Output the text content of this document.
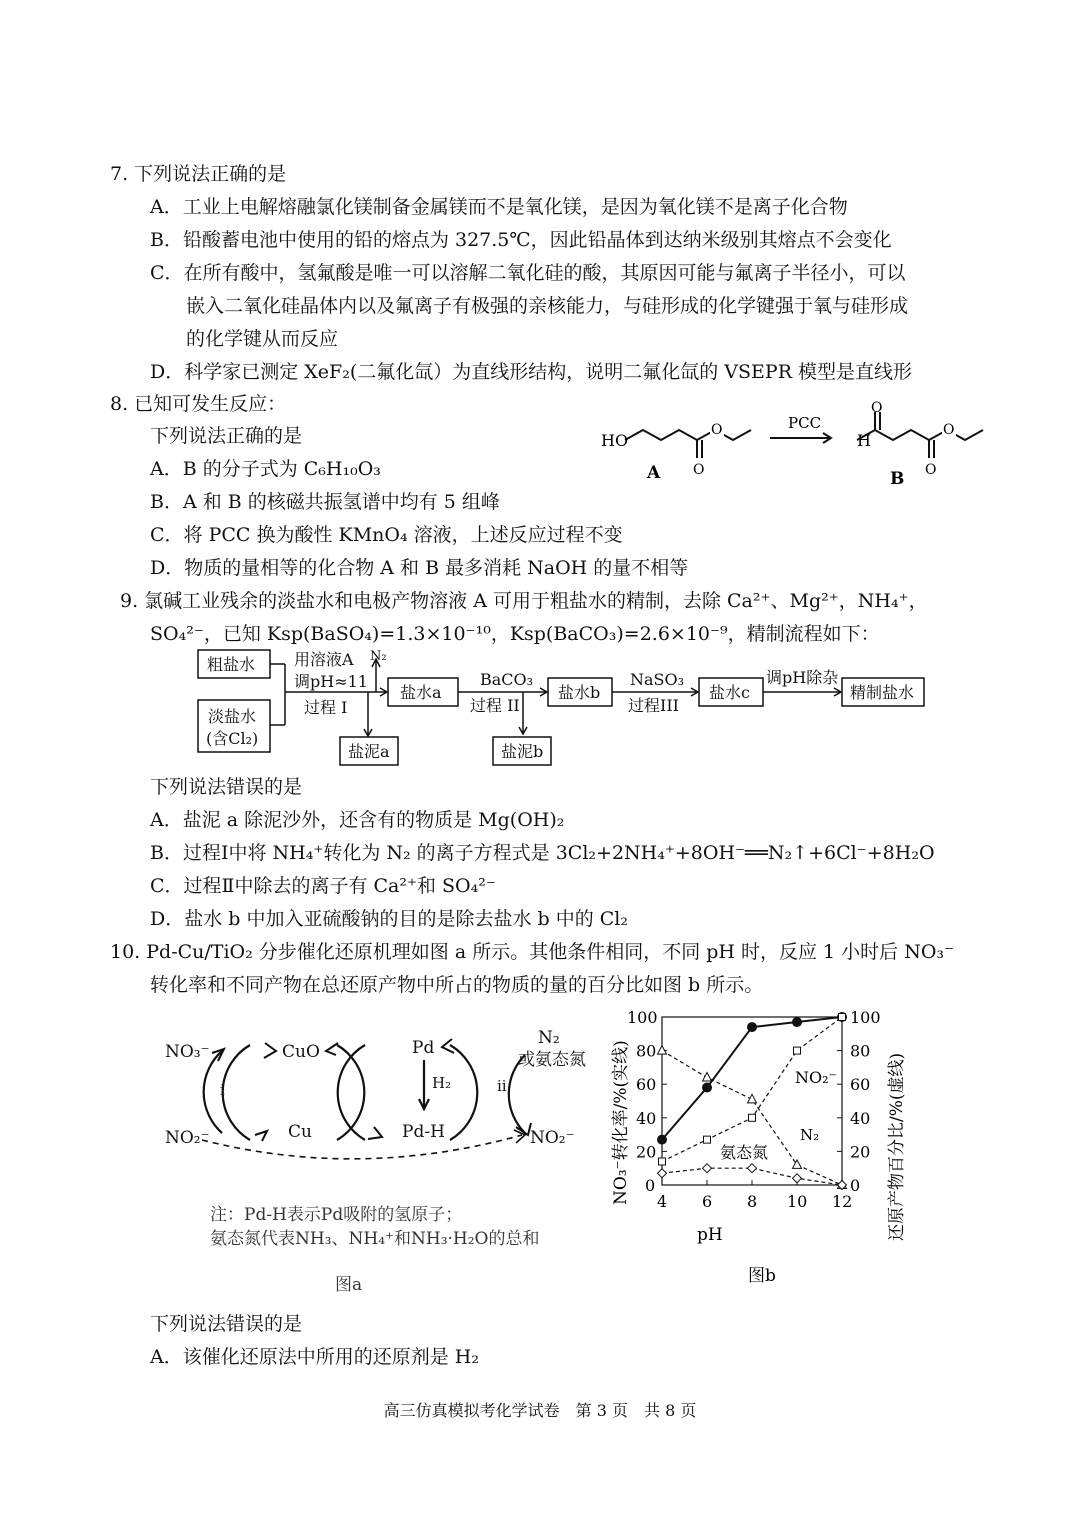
7. 下列说法正确的是
A．工业上电解熔融氯化镁制备金属镁而不是氧化镁，是因为氧化镁不是离子化合物
B．铅酸蓄电池中使用的铅的熔点为 327.5℃，因此铅晶体到达纳米级别其熔点不会变化
C．在所有酸中，氢氟酸是唯一可以溶解二氧化硅的酸，其原因可能与氟离子半径小，可以
嵌入二氧化硅晶体内以及氟离子有极强的亲核能力，与硅形成的化学键强于氧与硅形成
的化学键从而反应
D．科学家已测定 XeF₂(二氟化氙）为直线形结构，说明二氟化氙的 VSEPR 模型是直线形
8. 已知可发生反应：
下列说法正确的是
A．B 的分子式为 C₆H₁₀O₃
B．A 和 B 的核磁共振氢谱中均有 5 组峰
C．将 PCC 换为酸性 KMnO₄ 溶液，上述反应过程不变
D．物质的量相等的化合物 A 和 B 最多消耗 NaOH 的量不相等
HO
O
O
A
PCC
H
O
O
O
B
9. 氯碱工业残余的淡盐水和电极产物溶液 A 可用于粗盐水的精制，去除 Ca²⁺、Mg²⁺，NH₄⁺，
SO₄²⁻，已知 Ksp(BaSO₄)=1.3×10⁻¹⁰，Ksp(BaCO₃)=2.6×10⁻⁹，精制流程如下：
粗盐水
淡盐水
(含Cl₂)
用溶液A
调pH≈11
N₂
过程 I
盐水a
BaCO₃
过程 II
盐水b
NaSO₃
过程III
盐水c
调pH除杂
精制盐水
盐泥a	盐泥b
下列说法错误的是
A．盐泥 a 除泥沙外，还含有的物质是 Mg(OH)₂
B．过程Ⅰ中将 NH₄⁺转化为 N₂ 的离子方程式是 3Cl₂+2NH₄⁺+8OH⁻══N₂↑+6Cl⁻+8H₂O
C．过程Ⅱ中除去的离子有 Ca²⁺和 SO₄²⁻
D．盐水 b 中加入亚硫酸钠的目的是除去盐水 b 中的 Cl₂
10. Pd-Cu/TiO₂ 分步催化还原机理如图 a 所示。其他条件相同，不同 pH 时，反应 1 小时后 NO₃⁻
转化率和不同产物在总还原产物中所占的物质的量的百分比如图 b 所示。
NO₃⁻	CuO	Pd	N₂
或氨态氮
i	H₂	ii
NO₂⁻	Cu	Pd-H	NO₂⁻
注：Pd-H表示Pd吸附的氢原子；
氨态氮代表NH₃、NH₄⁺和NH₃·H₂O的总和
图a
pH
NO₃⁻转化率/%(实线)	还原产物百分比/%(虚线)
图b
NO₂⁻
氨态氮
N₂
4 6 8 10 12
0	0
20	20
40	40
60	60
80	80
100	100
下列说法错误的是
A．该催化还原法中所用的还原剂是 H₂
高三仿真模拟考化学试卷　第 3 页　共 8 页
